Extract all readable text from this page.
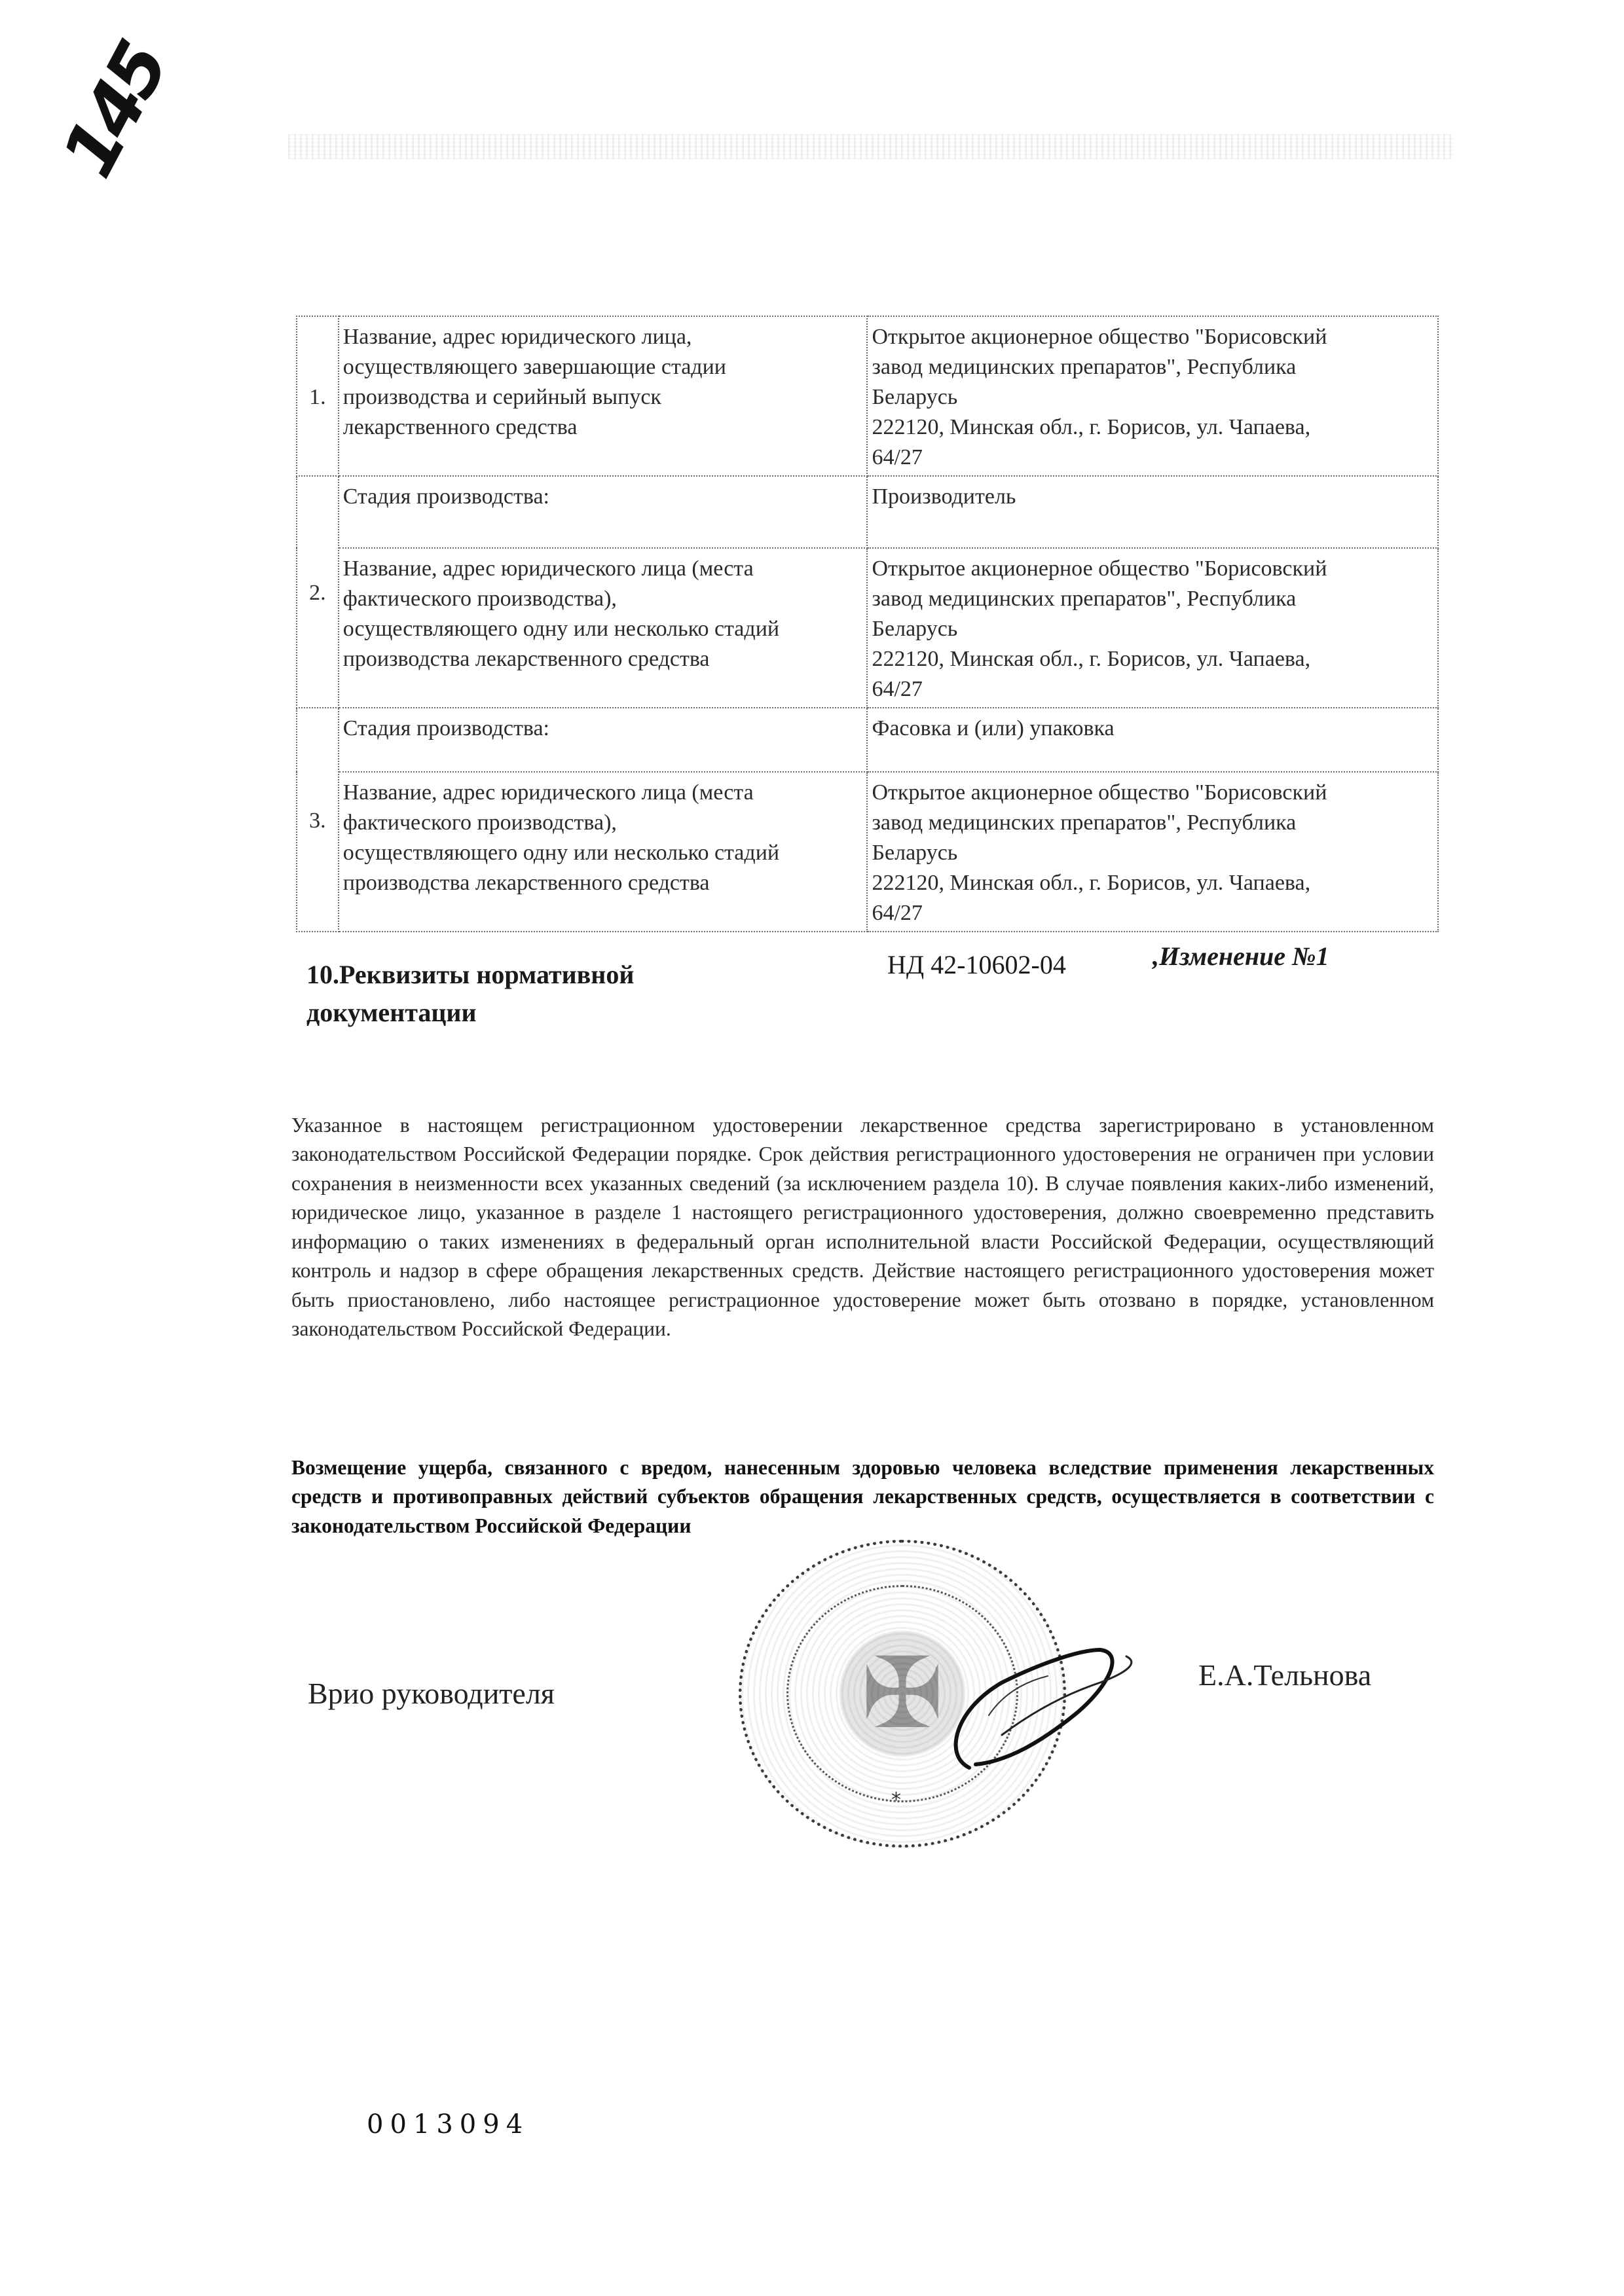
145
1.	Название, адрес юридического лица,
осуществляющего завершающие стадии
производства и серийный выпуск
лекарственного средства	Открытое акционерное общество "Борисовский
завод медицинских препаратов", Республика
Беларусь
222120, Минская обл., г. Борисов, ул. Чапаева,
64/27

2.	Стадия производства:	Производитель

	Название, адрес юридического лица (места
фактического производства),
осуществляющего одну или несколько стадий
производства лекарственного средства	Открытое акционерное общество "Борисовский
завод медицинских препаратов", Республика
Беларусь
222120, Минская обл., г. Борисов, ул. Чапаева,
64/27

3.	Стадия производства:	Фасовка и (или) упаковка

	Название, адрес юридического лица (места
фактического производства),
осуществляющего одну или несколько стадий
производства лекарственного средства	Открытое акционерное общество "Борисовский
завод медицинских препаратов", Республика
Беларусь
222120, Минская обл., г. Борисов, ул. Чапаева,
64/27
10.Реквизиты нормативной
документации
НД 42-10602-04	,Изменение №1

Указанное в настоящем регистрационном удостоверении лекарственное средства зарегистрировано в установленном законодательством Российской Федерации порядке. Срок действия регистрационного удостоверения не ограничен при условии сохранения в неизменности всех указанных сведений (за исключением раздела 10). В случае появления каких-либо изменений, юридическое лицо, указанное в разделе 1 настоящего регистрационного удостоверения, должно своевременно представить информацию о таких изменениях в федеральный орган исполнительной власти Российской Федерации, осуществляющий контроль и надзор в сфере обращения лекарственных средств. Действие настоящего регистрационного удостоверения может быть приостановлено, либо настоящее регистрационное удостоверение может быть отозвано в порядке, установленном законодательством Российской Федерации.

Возмещение ущерба, связанного с вредом, нанесенным здоровью человека вследствие применения лекарственных средств и противоправных действий субъектов обращения лекарственных средств, осуществляется в соответствии с законодательством Российской Федерации

✠
*
Врио руководителя
Е.А.Тельнова
0013094
